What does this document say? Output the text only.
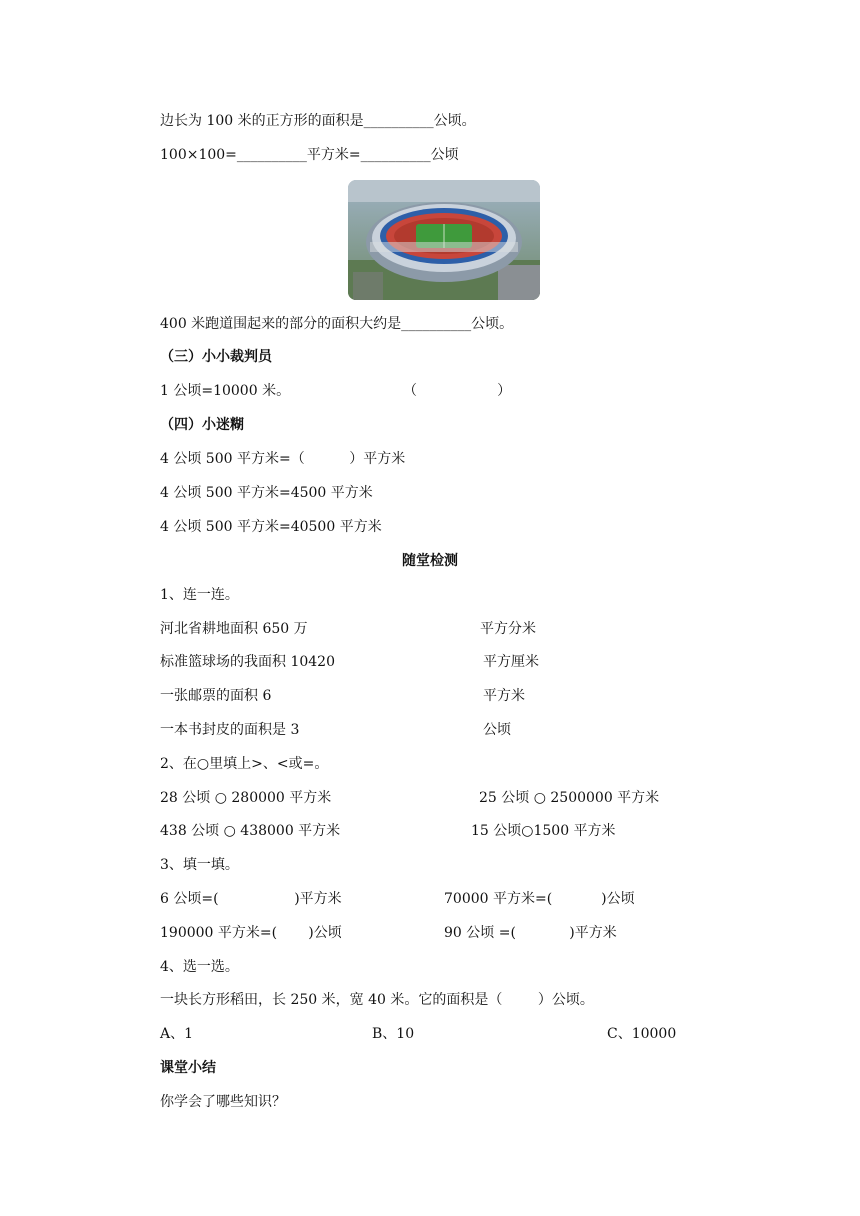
边长为 100 米的正方形的面积是__________公顷。
100×100=__________平方米=__________公顷
400 米跑道围起来的部分的面积大约是__________公顷。
（三）小小裁判员
1 公顷=10000 米。	（                  ）
（四）小迷糊
4 公顷 500 平方米=（          ）平方米
4 公顷 500 平方米=4500 平方米
4 公顷 500 平方米=40500 平方米
随堂检测
1、连一连。
河北省耕地面积 650 万	平方分米
标准篮球场的我面积 10420	平方厘米
一张邮票的面积 6	平方米
一本书封皮的面积是 3	公顷
2、在○里填上>、<或=。
28 公顷 ○ 280000 平方米	25 公顷 ○ 2500000 平方米
438 公顷 ○ 438000 平方米	15 公顷○1500 平方米
3、填一填。
6 公顷=(                 )平方米	70000 平方米=(           )公顷
190000 平方米=(       )公顷	90 公顷 =(            )平方米
4、选一选。
一块长方形稻田，长 250 米，宽 40 米。它的面积是（        ）公顷。
A、1	B、10	C、10000
课堂小结
你学会了哪些知识？
